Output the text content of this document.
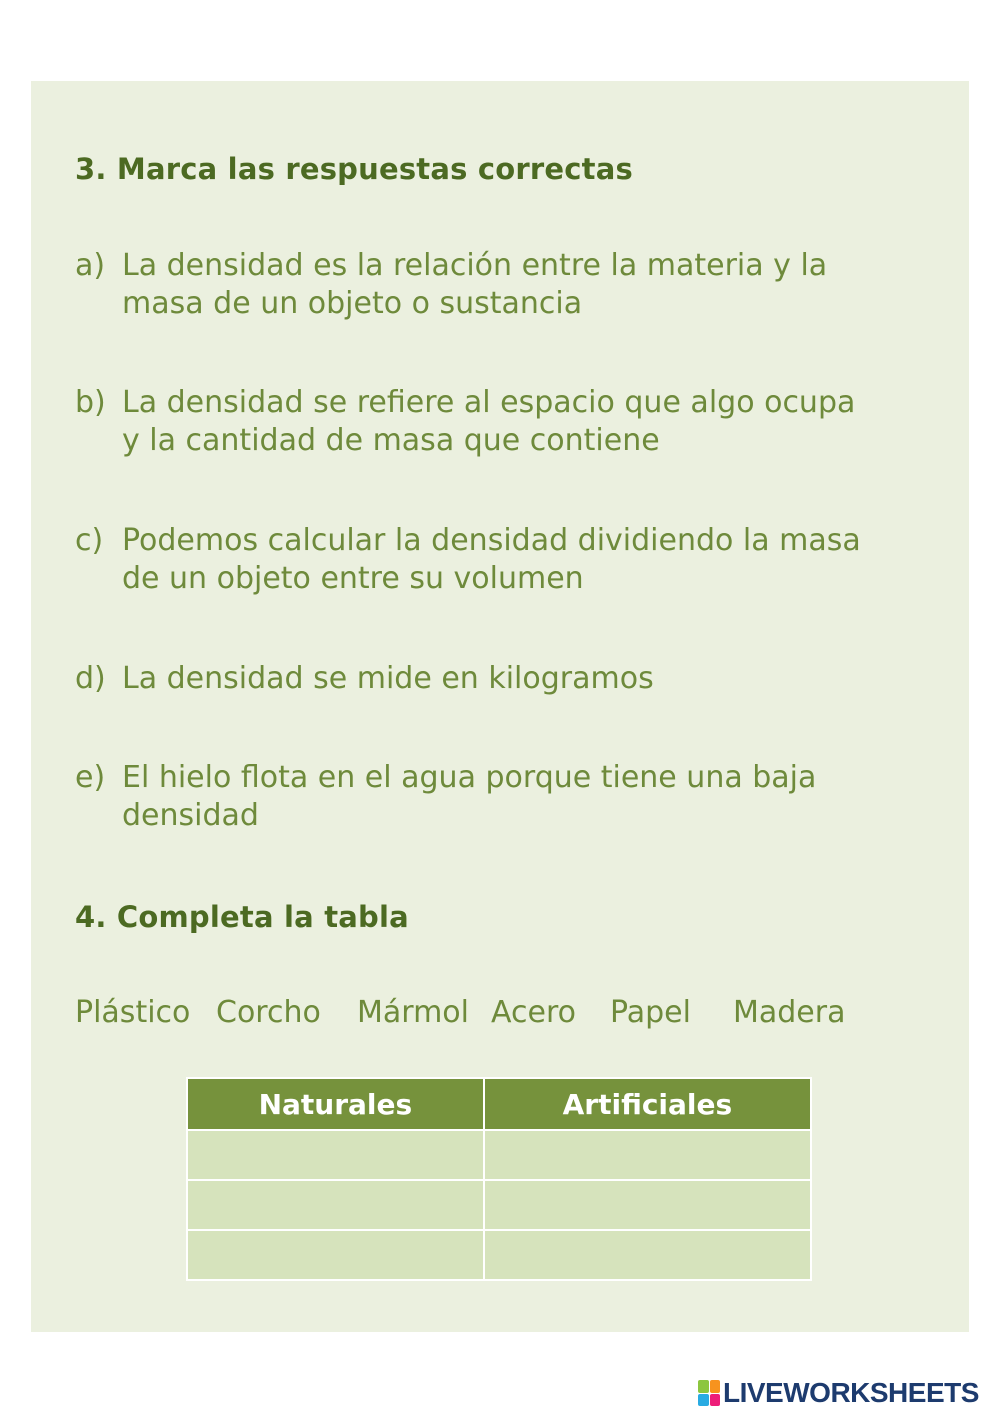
3. Marca las respuestas correctas
a) La densidad es la relación entre la materia y la masa de un objeto o sustancia
b) La densidad se refiere al espacio que algo ocupa y la cantidad de masa que contiene
c) Podemos calcular la densidad dividiendo la masa de un objeto entre su volumen
d) La densidad se mide en kilogramos
e) El hielo flota en el agua porque tiene una baja densidad
4. Completa la tabla
Plástico Corcho Mármol Acero Papel Madera
Naturales	Artificiales

LIVEWORKSHEETS
